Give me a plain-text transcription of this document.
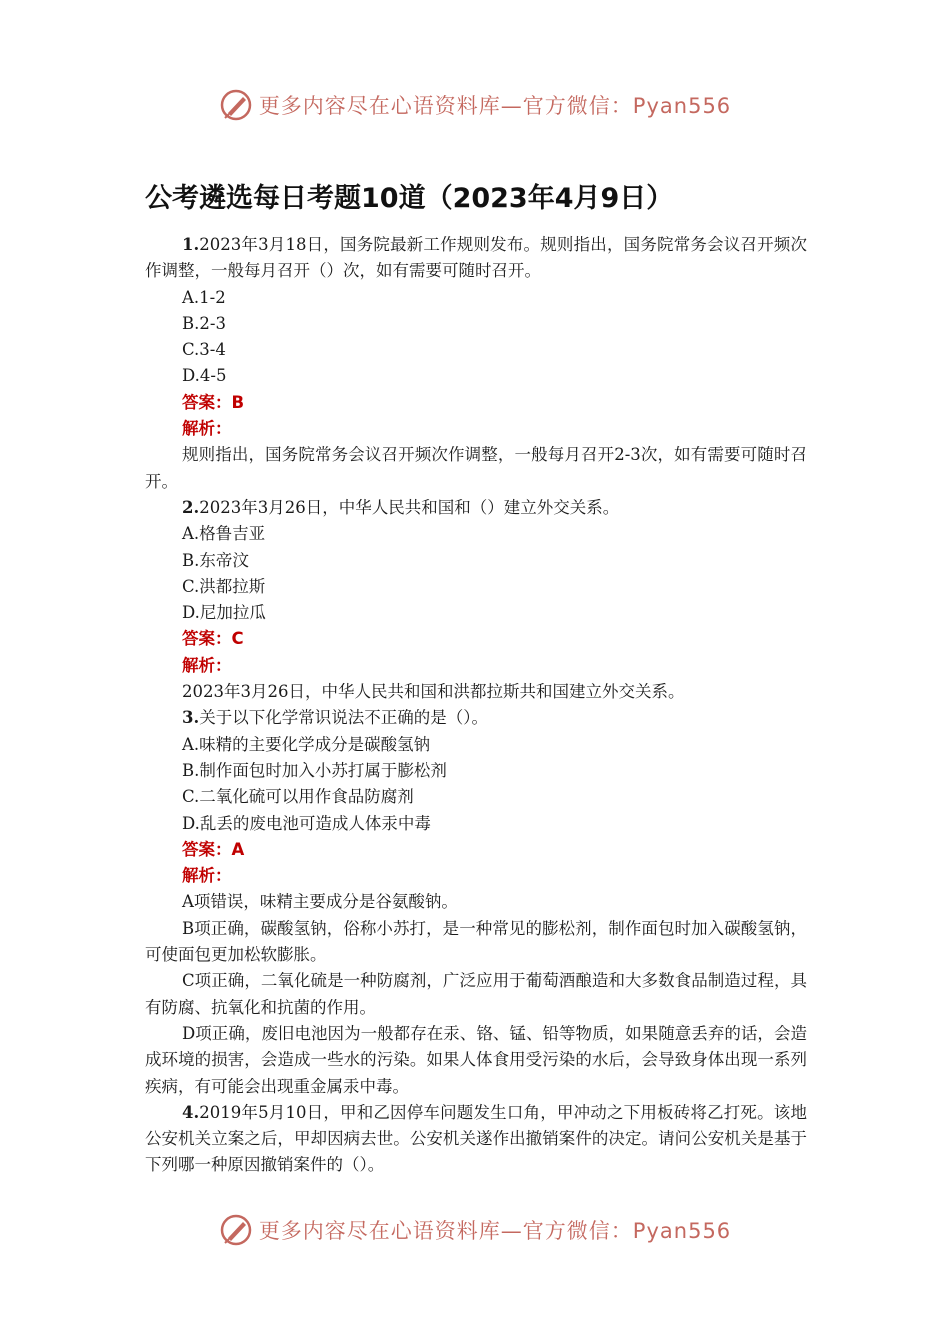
更多内容尽在心语资料库—官方微信：Pyan556
公考遴选每日考题10道（2023年4月9日）

1.2023年3月18日，国务院最新工作规则发布。规则指出，国务院常务会议召开频次作调整，一般每月召开（）次，如有需要可随时召开。

A.1-2

B.2-3

C.3-4

D.4-5

答案：B

解析：

规则指出，国务院常务会议召开频次作调整，一般每月召开2-3次，如有需要可随时召开。

2.2023年3月26日，中华人民共和国和（）建立外交关系。

A.格鲁吉亚

B.东帝汶

C.洪都拉斯

D.尼加拉瓜

答案：C

解析：

2023年3月26日，中华人民共和国和洪都拉斯共和国建立外交关系。

3.关于以下化学常识说法不正确的是（）。

A.味精的主要化学成分是碳酸氢钠

B.制作面包时加入小苏打属于膨松剂

C.二氧化硫可以用作食品防腐剂

D.乱丢的废电池可造成人体汞中毒

答案：A

解析：

A项错误，味精主要成分是谷氨酸钠。

B项正确，碳酸氢钠，俗称小苏打，是一种常见的膨松剂，制作面包时加入碳酸氢钠，可使面包更加松软膨胀。

C项正确，二氧化硫是一种防腐剂，广泛应用于葡萄酒酿造和大多数食品制造过程，具有防腐、抗氧化和抗菌的作用。

D项正确，废旧电池因为一般都存在汞、铬、锰、铅等物质，如果随意丢弃的话，会造成环境的损害，会造成一些水的污染。如果人体食用受污染的水后，会导致身体出现一系列疾病，有可能会出现重金属汞中毒。

4.2019年5月10日，甲和乙因停车问题发生口角，甲冲动之下用板砖将乙打死。该地公安机关立案之后，甲却因病去世。公安机关遂作出撤销案件的决定。请问公安机关是基于下列哪一种原因撤销案件的（）。

更多内容尽在心语资料库—官方微信：Pyan556
